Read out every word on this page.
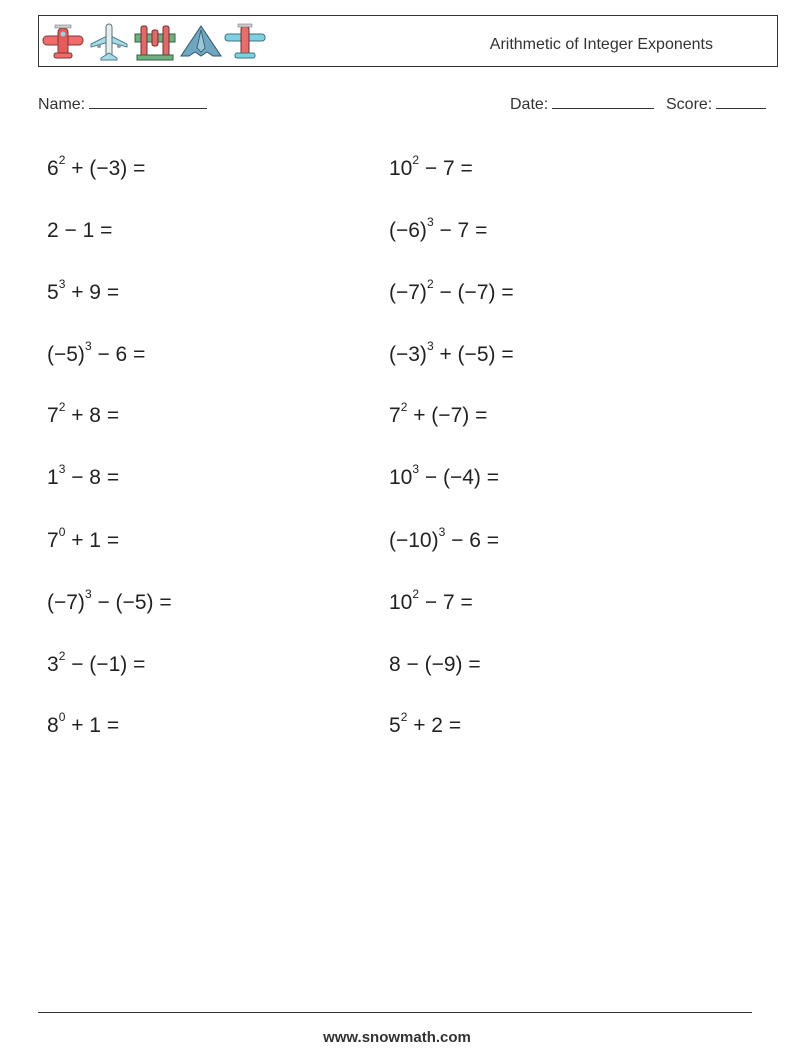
Arithmetic of Integer Exponents
Name:	Date:	Score:
$6^2 + (-3)$ =	$10^2 - 7$ =
2 − 1 =	$(-6)^3 - 7$ =
$5^3 + 9$ =	$(-7)^2 - (-7)$ =
$(-5)^3 - 6$ =	$(-3)^3 + (-5)$ =
$7^2 + 8$ =	$7^2 + (-7)$ =
$1^3 - 8$ =	$10^3 - (-4)$ =
$7^0 + 1$ =	$(-10)^3 - 6$ =
$(-7)^3 - (-5)$ =	$10^2 - 7$ =
$3^2 - (-1)$ =	8 − (−9) =
$8^0 + 1$ =	$5^2 + 2$ =
www.snowmath.com
